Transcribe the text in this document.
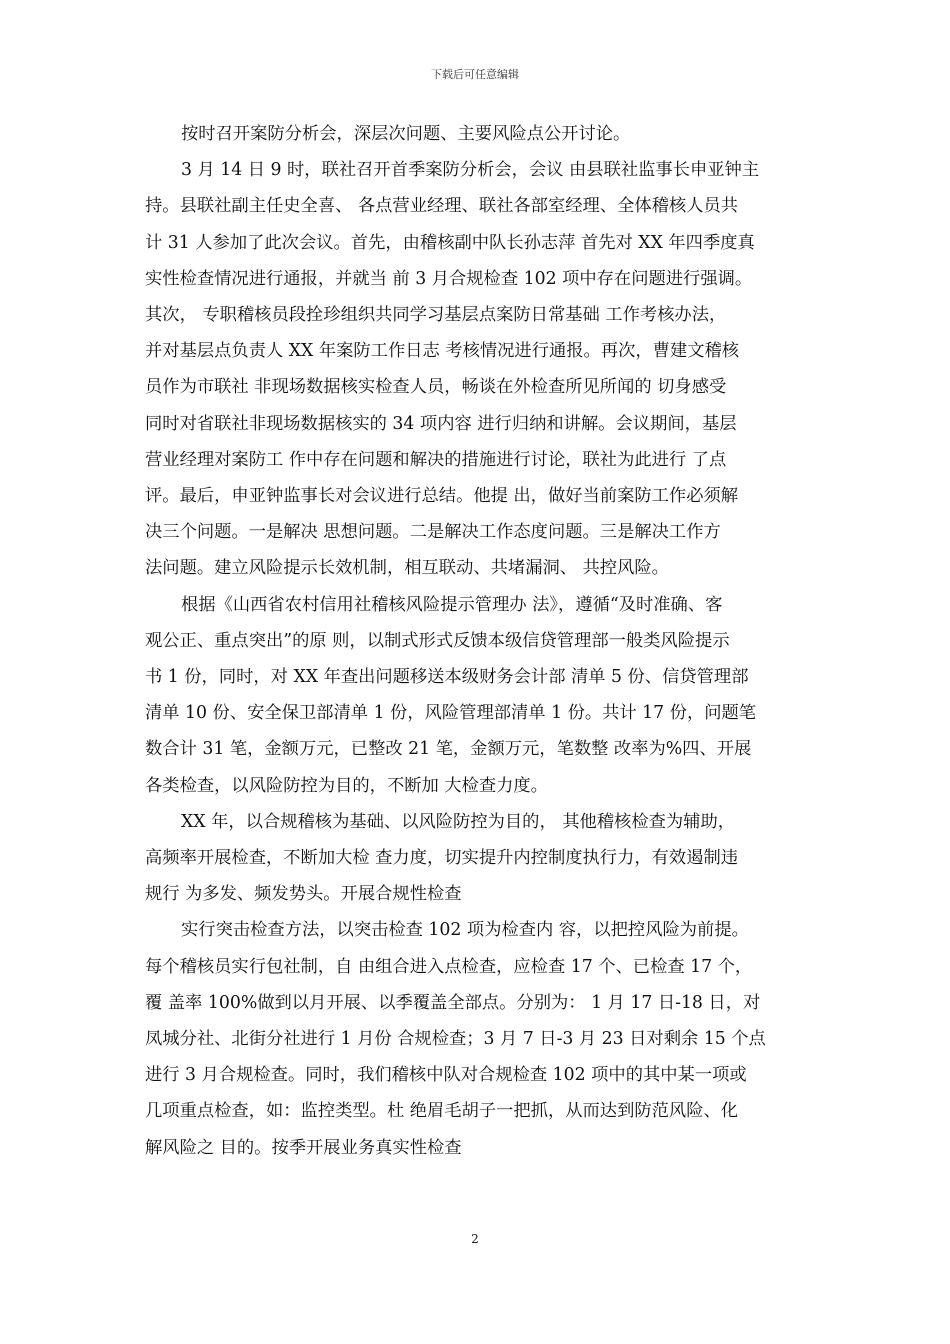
下载后可任意编辑

按时召开案防分析会，深层次问题、主要风险点公开讨论。

3 月 14 日 9 时，联社召开首季案防分析会，会议 由县联社监事长申亚钟主

持。县联社副主任史全喜、 各点营业经理、联社各部室经理、全体稽核人员共

计 31 人参加了此次会议。首先，由稽核副中队长孙志萍 首先对 XX 年四季度真

实性检查情况进行通报，并就当 前 3 月合规检查 102 项中存在问题进行强调。

其次， 专职稽核员段拴珍组织共同学习基层点案防日常基础 工作考核办法，

并对基层点负责人 XX 年案防工作日志 考核情况进行通报。再次，曹建文稽核

员作为市联社 非现场数据核实检查人员，畅谈在外检查所见所闻的 切身感受

同时对省联社非现场数据核实的 34 项内容 进行归纳和讲解。会议期间，基层

营业经理对案防工 作中存在问题和解决的措施进行讨论，联社为此进行 了点

评。最后，申亚钟监事长对会议进行总结。他提 出，做好当前案防工作必须解

决三个问题。一是解决 思想问题。二是解决工作态度问题。三是解决工作方

法问题。建立风险提示长效机制，相互联动、共堵漏洞、 共控风险。

根据《山西省农村信用社稽核风险提示管理办 法》，遵循“及时准确、客

观公正、重点突出”的原 则，以制式形式反馈本级信贷管理部一般类风险提示

书 1 份，同时，对 XX 年查出问题移送本级财务会计部 清单 5 份、信贷管理部

清单 10 份、安全保卫部清单 1 份，风险管理部清单 1 份。共计 17 份，问题笔

数合计 31 笔，金额万元，已整改 21 笔，金额万元，笔数整 改率为%四、开展

各类检查，以风险防控为目的，不断加 大检查力度。

XX 年，以合规稽核为基础、以风险防控为目的， 其他稽核检查为辅助，

高频率开展检查，不断加大检 查力度，切实提升内控制度执行力，有效遏制违

规行 为多发、频发势头。开展合规性检查

实行突击检查方法，以突击检查 102 项为检查内 容，以把控风险为前提。

每个稽核员实行包社制，自 由组合进入点检查，应检查 17 个、已检查 17 个，

覆 盖率 100%做到以月开展、以季覆盖全部点。分别为： 1 月 17 日-18 日，对

凤城分社、北街分社进行 1 月份 合规检查；3 月 7 日-3 月 23 日对剩余 15 个点

进行 3 月合规检查。同时，我们稽核中队对合规检查 102 项中的其中某一项或

几项重点检查，如：监控类型。杜 绝眉毛胡子一把抓，从而达到防范风险、化

解风险之 目的。按季开展业务真实性检查

2
